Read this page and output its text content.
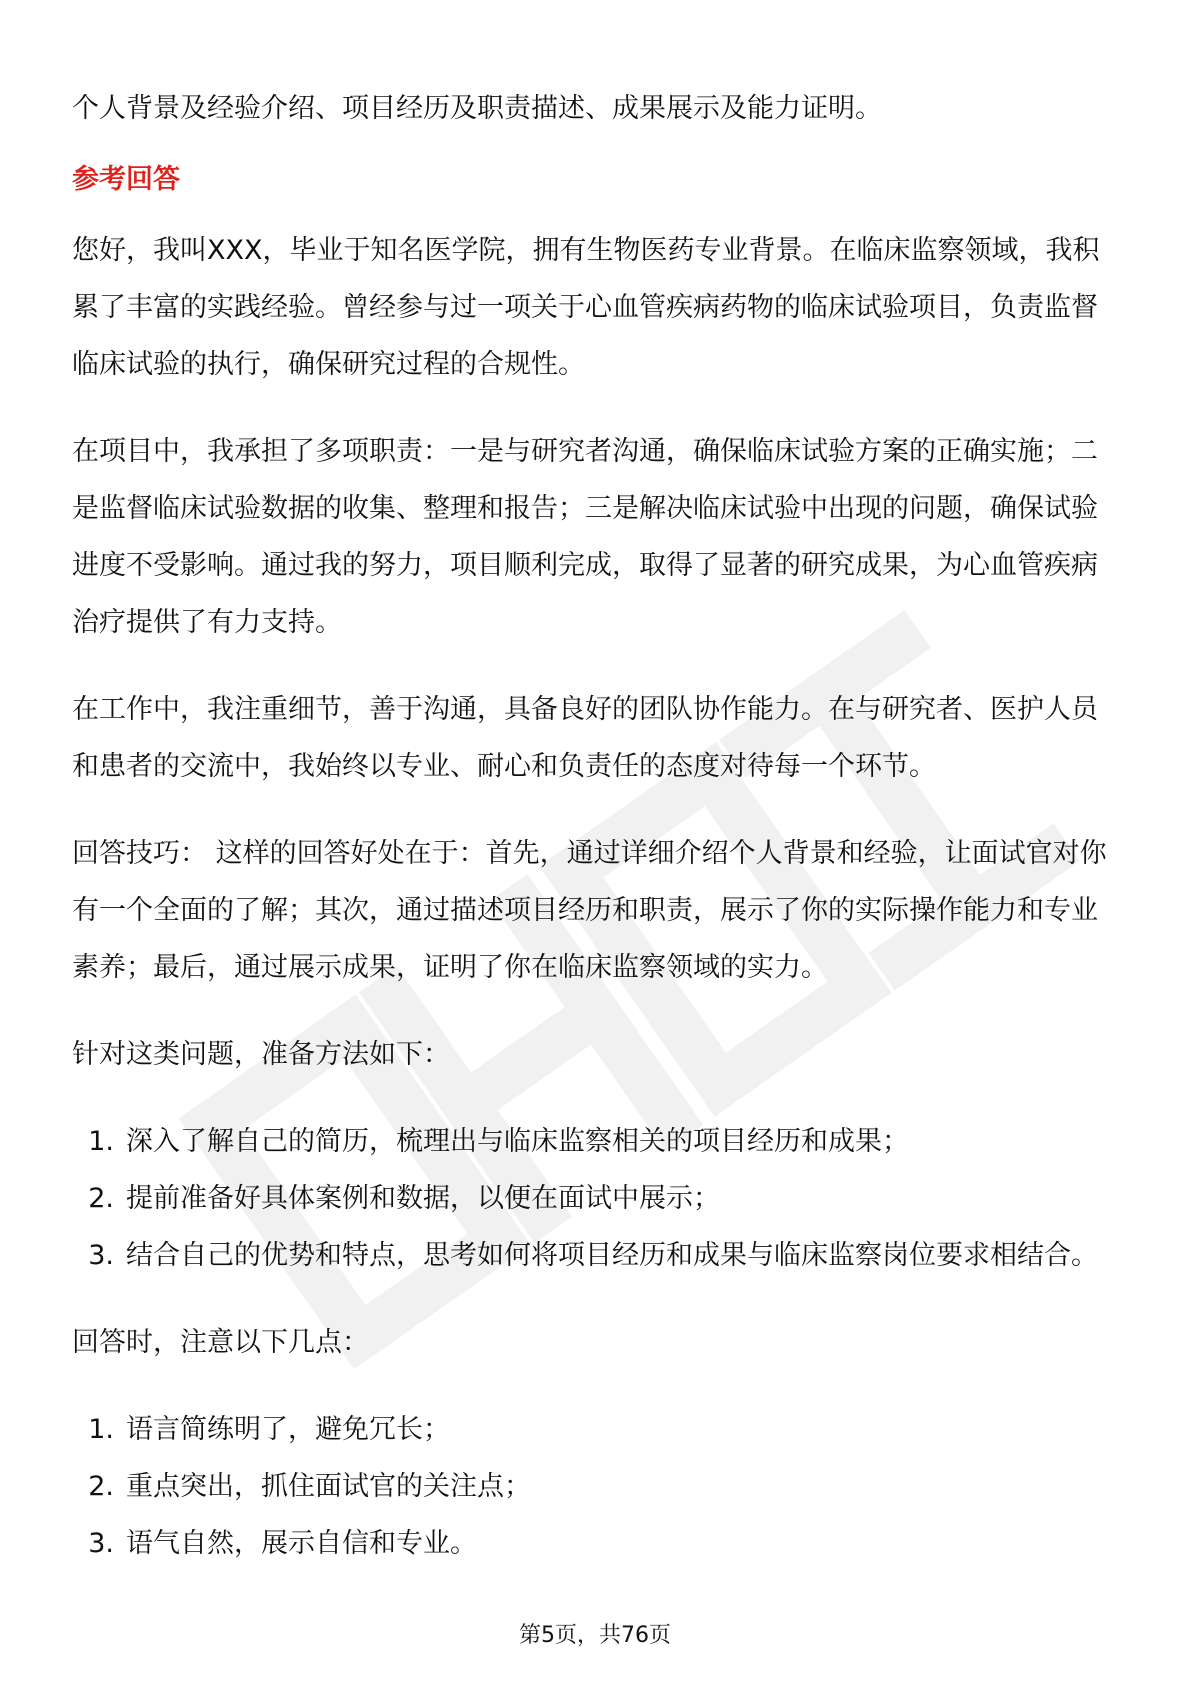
个人背景及经验介绍、项目经历及职责描述、成果展示及能力证明。

参考回答

您好，我叫XXX，毕业于知名医学院，拥有生物医药专业背景。在临床监察领域，我积累了丰富的实践经验。曾经参与过一项关于心血管疾病药物的临床试验项目，负责监督临床试验的执行，确保研究过程的合规性。

在项目中，我承担了多项职责：一是与研究者沟通，确保临床试验方案的正确实施；二是监督临床试验数据的收集、整理和报告；三是解决临床试验中出现的问题，确保试验进度不受影响。通过我的努力，项目顺利完成，取得了显著的研究成果，为心血管疾病治疗提供了有力支持。

在工作中，我注重细节，善于沟通，具备良好的团队协作能力。在与研究者、医护人员和患者的交流中，我始终以专业、耐心和负责任的态度对待每一个环节。

回答技巧： 这样的回答好处在于：首先，通过详细介绍个人背景和经验，让面试官对你有一个全面的了解；其次，通过描述项目经历和职责，展示了你的实际操作能力和专业素养；最后，通过展示成果，证明了你在临床监察领域的实力。

针对这类问题，准备方法如下：

1. 深入了解自己的简历，梳理出与临床监察相关的项目经历和成果；
2. 提前准备好具体案例和数据，以便在面试中展示；
3. 结合自己的优势和特点，思考如何将项目经历和成果与临床监察岗位要求相结合。

回答时，注意以下几点：

1. 语言简练明了，避免冗长；
2. 重点突出，抓住面试官的关注点；
3. 语气自然，展示自信和专业。
第5页，共76页
